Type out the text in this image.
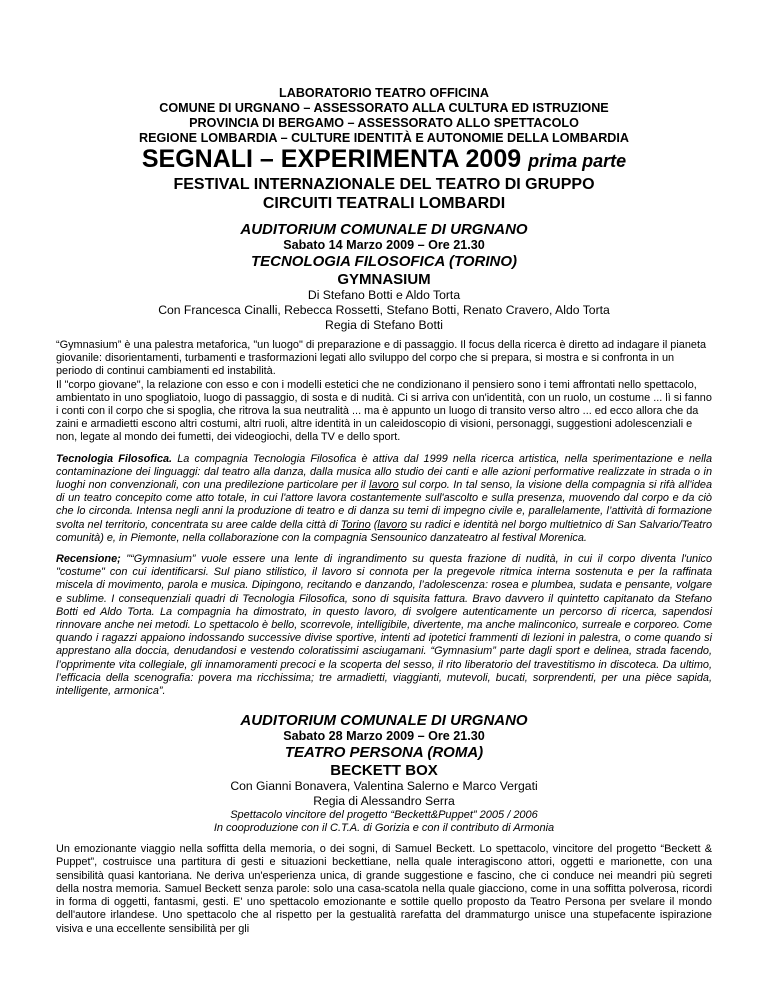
LABORATORIO TEATRO OFFICINA
COMUNE DI URGNANO – ASSESSORATO ALLA CULTURA ED ISTRUZIONE
PROVINCIA DI BERGAMO – ASSESSORATO ALLO SPETTACOLO
REGIONE LOMBARDIA – CULTURE IDENTITÀ E AUTONOMIE DELLA LOMBARDIA
SEGNALI – EXPERIMENTA 2009 prima parte
FESTIVAL INTERNAZIONALE DEL TEATRO DI GRUPPO
CIRCUITI TEATRALI LOMBARDI
AUDITORIUM COMUNALE DI URGNANO
Sabato 14 Marzo 2009 – Ore 21.30
TECNOLOGIA FILOSOFICA (TORINO)
GYMNASIUM
Di Stefano Botti e Aldo Torta
Con Francesca Cinalli, Rebecca Rossetti, Stefano Botti, Renato Cravero, Aldo Torta
Regia di Stefano Botti

“Gymnasium” è una palestra metaforica, "un luogo" di preparazione e di passaggio. Il focus della ricerca è diretto ad indagare il pianeta giovanile: disorientamenti, turbamenti e trasformazioni legati allo sviluppo del corpo che si prepara, si mostra e si confronta in un periodo di continui cambiamenti ed instabilità.

Il "corpo giovane", la relazione con esso e con i modelli estetici che ne condizionano il pensiero sono i temi affrontati nello spettacolo, ambientato in uno spogliatoio, luogo di passaggio, di sosta e di nudità. Ci si arriva con un'identità, con un ruolo, un costume ... lì si fanno i conti con il corpo che si spoglia, che ritrova la sua neutralità ... ma è appunto un luogo di transito verso altro ... ed ecco allora che da zaini e armadietti escono altri costumi, altri ruoli, altre identità in un caleidoscopio di visioni, personaggi, suggestioni adolescenziali e non, legate al mondo dei fumetti, dei videogiochi, della TV e dello sport.

Tecnologia Filosofica. La compagnia Tecnologia Filosofica è attiva dal 1999 nella ricerca artistica, nella sperimentazione e nella contaminazione dei linguaggi: dal teatro alla danza, dalla musica allo studio dei canti e alle azioni performative realizzate in strada o in luoghi non convenzionali, con una predilezione particolare per il lavoro sul corpo. In tal senso, la visione della compagnia si rifà all'idea di un teatro concepito come atto totale, in cui l'attore lavora costantemente sull'ascolto e sulla presenza, muovendo dal corpo e da ciò che lo circonda. Intensa negli anni la produzione di teatro e di danza su temi di impegno civile e, parallelamente, l’attività di formazione svolta nel territorio, concentrata su aree calde della città di Torino (lavoro su radici e identità nel borgo multietnico di San Salvario/Teatro comunità) e, in Piemonte, nella collaborazione con la compagnia Sensounico danzateatro al festival Morenica.

Recensione; "“Gymnasium” vuole essere una lente di ingrandimento su questa frazione di nudità, in cui il corpo diventa l'unico "costume" con cui identificarsi. Sul piano stilistico, il lavoro si connota per la pregevole ritmica interna sostenuta e per la raffinata miscela di movimento, parola e musica. Dipingono, recitando e danzando, l’adolescenza: rosea e plumbea, sudata e pensante, volgare e sublime. I consequenziali quadri di Tecnologia Filosofica, sono di squisita fattura. Bravo davvero il quintetto capitanato da Stefano Botti ed Aldo Torta. La compagnia ha dimostrato, in questo lavoro, di svolgere autenticamente un percorso di ricerca, sapendosi rinnovare anche nei metodi. Lo spettacolo è bello, scorrevole, intelligibile, divertente, ma anche malinconico, surreale e corporeo. Come quando i ragazzi appaiono indossando successive divise sportive, intenti ad ipotetici frammenti di lezioni in palestra, o come quando si apprestano alla doccia, denudandosi e vestendo coloratissimi asciugamani. “Gymnasium” parte dagli sport e delinea, strada facendo, l’opprimente vita collegiale, gli innamoramenti precoci e la scoperta del sesso, il rito liberatorio del travestitismo in discoteca. Da ultimo, l’efficacia della scenografia: povera ma ricchissima; tre armadietti, viaggianti, mutevoli, bucati, sorprendenti, per una pièce sapida, intelligente, armonica”.

AUDITORIUM COMUNALE DI URGNANO
Sabato 28 Marzo 2009 – Ore 21.30
TEATRO PERSONA (ROMA)
BECKETT BOX
Con Gianni Bonavera, Valentina Salerno e Marco Vergati
Regia di Alessandro Serra
Spettacolo vincitore del progetto “Beckett&Puppet” 2005 / 2006
In cooproduzione con il C.T.A. di Gorizia e con il contributo di Armonia

Un emozionante viaggio nella soffitta della memoria, o dei sogni, di Samuel Beckett. Lo spettacolo, vincitore del progetto “Beckett & Puppet”, costruisce una partitura di gesti e situazioni beckettiane, nella quale interagiscono attori, oggetti e marionette, con una sensibilità quasi kantoriana. Ne deriva un'esperienza unica, di grande suggestione e fascino, che ci conduce nei meandri più segreti della nostra memoria. Samuel Beckett senza parole: solo una casa-scatola nella quale giacciono, come in una soffitta polverosa, ricordi in forma di oggetti, fantasmi, gesti. E' uno spettacolo emozionante e sottile quello proposto da Teatro Persona per svelare il mondo dell'autore irlandese. Uno spettacolo che al rispetto per la gestualità rarefatta del drammaturgo unisce una stupefacente ispirazione visiva e una eccellente sensibilità per gli
